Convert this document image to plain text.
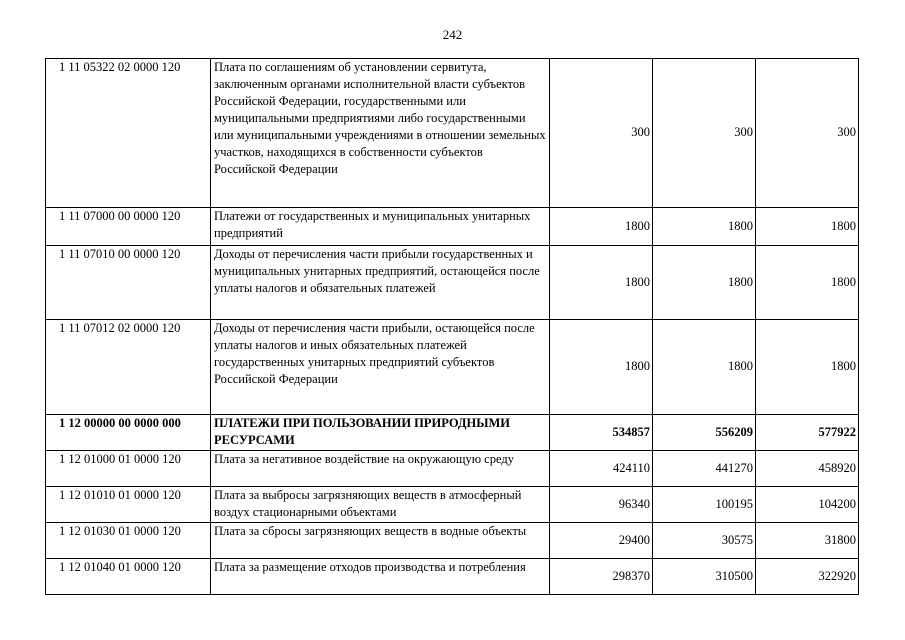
242
1 11 05322 02 0000 120	Плата по соглашениям об установлении сервитута, заключенным органами исполнительной власти субъектов Российской Федерации, государственными или муниципальными предприятиями либо государственными или муниципальными учреждениями в отношении земельных участков, находящихся в собственности субъектов Российской Федерации	300	300	300
1 11 07000 00 0000 120	Платежи от государственных и муниципальных унитарных предприятий	1800	1800	1800
1 11 07010 00 0000 120	Доходы от перечисления части прибыли государственных и муниципальных унитарных предприятий, остающейся после уплаты налогов и обязательных платежей	1800	1800	1800
1 11 07012 02 0000 120	Доходы от перечисления части прибыли, остающейся после уплаты налогов и иных обязательных платежей государственных унитарных предприятий субъектов Российской Федерации	1800	1800	1800
1 12 00000 00 0000 000	ПЛАТЕЖИ ПРИ ПОЛЬЗОВАНИИ ПРИРОДНЫМИ РЕСУРСАМИ	534857	556209	577922
1 12 01000 01 0000 120	Плата за негативное воздействие на окружающую среду	424110	441270	458920
1 12 01010 01 0000 120	Плата за выбросы загрязняющих веществ в атмосферный воздух стационарными объектами	96340	100195	104200
1 12 01030 01 0000 120	Плата за сбросы загрязняющих веществ в водные объекты	29400	30575	31800
1 12 01040 01 0000 120	Плата за размещение отходов производства и потребления	298370	310500	322920
